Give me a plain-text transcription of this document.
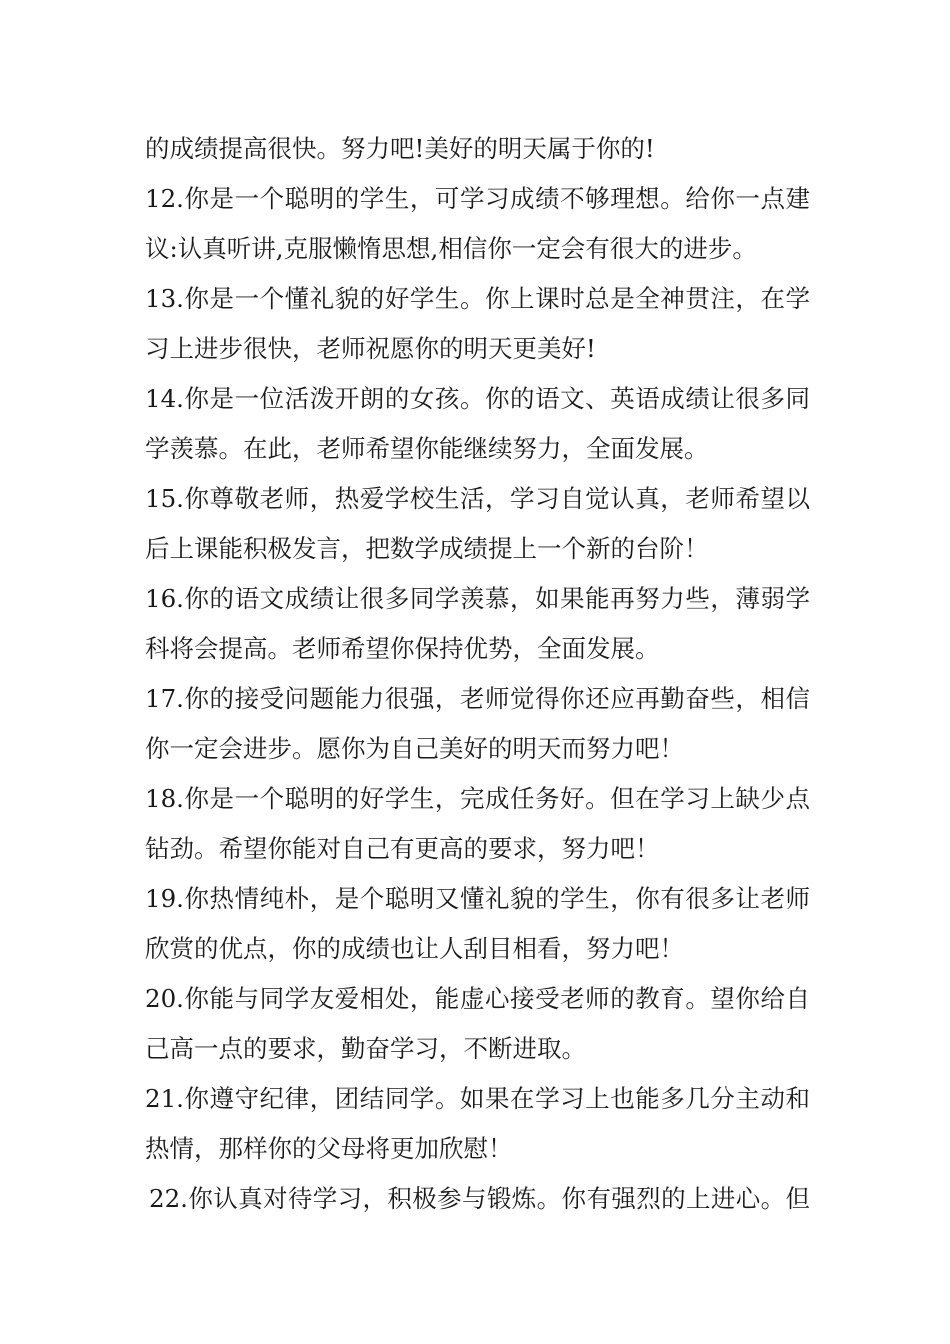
的成绩提高很快。努力吧!美好的明天属于你的!
12.你是一个聪明的学生，可学习成绩不够理想。给你一点建
议:认真听讲,克服懒惰思想,相信你一定会有很大的进步。
13.你是一个懂礼貌的好学生。你上课时总是全神贯注，在学
习上进步很快，老师祝愿你的明天更美好!
14.你是一位活泼开朗的女孩。你的语文、英语成绩让很多同
学羡慕。在此，老师希望你能继续努力，全面发展。
15.你尊敬老师，热爱学校生活，学习自觉认真，老师希望以
后上课能积极发言，把数学成绩提上一个新的台阶！
16.你的语文成绩让很多同学羡慕，如果能再努力些，薄弱学
科将会提高。老师希望你保持优势，全面发展。
17.你的接受问题能力很强，老师觉得你还应再勤奋些，相信
你一定会进步。愿你为自己美好的明天而努力吧！
18.你是一个聪明的好学生，完成任务好。但在学习上缺少点
钻劲。希望你能对自己有更高的要求，努力吧！
19.你热情纯朴，是个聪明又懂礼貌的学生，你有很多让老师
欣赏的优点，你的成绩也让人刮目相看，努力吧！
20.你能与同学友爱相处，能虚心接受老师的教育。望你给自
己高一点的要求，勤奋学习，不断进取。
21.你遵守纪律，团结同学。如果在学习上也能多几分主动和
热情，那样你的父母将更加欣慰！
22.你认真对待学习，积极参与锻炼。你有强烈的上进心。但
